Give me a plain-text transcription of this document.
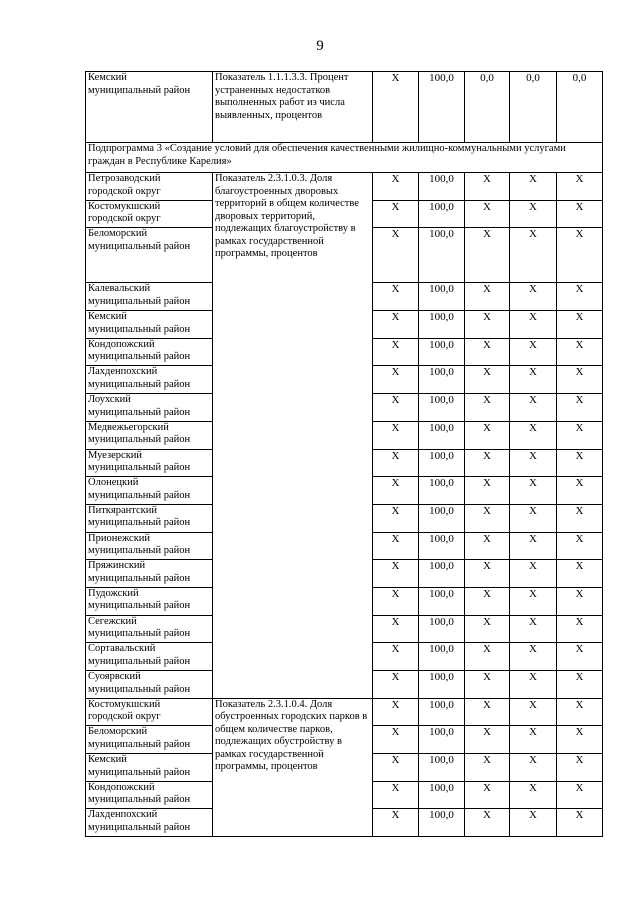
9
Кемский
муниципальный район	Показатель 1.1.1.3.3. Процент устраненных недостатков выполненных работ из числа выявленных, процентов	Х	100,0	0,0	0,0	0,0
Подпрограмма 3 «Создание условий для обеспечения качественными жилищно-коммунальными услугами граждан в Республике Карелия»						

Петрозаводский
городской округ	Показатель 2.3.1.0.3. Доля благоустроенных дворовых территорий в общем количестве дворовых территорий, подлежащих благоустройству в рамках государственной программы, процентов	Х	100,0	Х	Х	Х

Костомукшский
городской округ		Х	100,0	Х	Х	Х

Беломорский
муниципальный район		Х	100,0	Х	Х	Х

Калевальский
муниципальный район		Х	100,0	Х	Х	Х

Кемский
муниципальный район		Х	100,0	Х	Х	Х

Кондопожский
муниципальный район		Х	100,0	Х	Х	Х

Лахденпохский
муниципальный район		Х	100,0	Х	Х	Х

Лоухский
муниципальный район		Х	100,0	Х	Х	Х

Медвежьегорский
муниципальный район		Х	100,0	Х	Х	Х

Муезерский
муниципальный район		Х	100,0	Х	Х	Х

Олонецкий
муниципальный район		Х	100,0	Х	Х	Х

Питкярантский
муниципальный район		Х	100,0	Х	Х	Х

Прионежский
муниципальный район		Х	100,0	Х	Х	Х

Пряжинский
муниципальный район		Х	100,0	Х	Х	Х

Пудожский
муниципальный район		Х	100,0	Х	Х	Х

Сегежский
муниципальный район		Х	100,0	Х	Х	Х

Сортавальский
муниципальный район		Х	100,0	Х	Х	Х

Суоярвский
муниципальный район		Х	100,0	Х	Х	Х

Костомукшский
городской округ	Показатель 2.3.1.0.4. Доля обустроенных городских парков в общем количестве парков, подлежащих обустройству в рамках государственной программы, процентов	Х	100,0	Х	Х	Х

Беломорский
муниципальный район		Х	100,0	Х	Х	Х

Кемский
муниципальный район		Х	100,0	Х	Х	Х

Кондопожский
муниципальный район		Х	100,0	Х	Х	Х

Лахденпохский
муниципальный район		Х	100,0	Х	Х	Х
